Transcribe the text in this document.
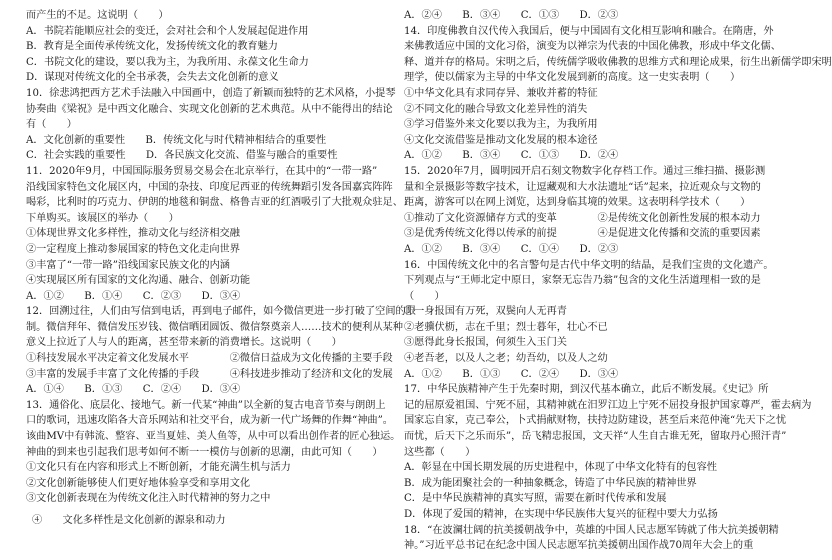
而产生的不足。这说明（　　）
A．书院若能顺应社会的变迁，会对社会和个人发展起促进作用
B．教育是全面传承传统文化，发扬传统文化的教育魅力
C．书院文化的建设，要以我为主，为我所用、永葆文化生命力
D．谋现对传统文化的全书承袭，会失去文化创新的意义
10．徐悲鸿把西方艺术手法融入中国画中，创造了新颖而独特的艺术风格，小提琴
协奏曲《梁祝》是中西文化融合、实现文化创新的艺术典范。从中不能得出的结论
有（　　）
A．文化创新的重要性　　B．传统文化与时代精神相结合的重要性
C．社会实践的重要性　　D．各民族文化交流、借鉴与融合的重要性
11．2020年9月，中国国际服务贸易交易会在北京举行，在其中的“一带一路”
沿线国家特色文化展区内，中国的杂技、印度尼西亚的传统舞蹈引发各国嘉宾阵阵
喝彩，比利时的巧克力、伊朗的地毯和铜盘、格鲁吉亚的红酒吸引了大批观众驻足、
下单购买。该展区的举办（　　）
①体现世界文化多样性，推动文化与经济相交融
②一定程度上推动参展国家的特色文化走向世界
③丰富了“一带一路”沿线国家民族文化的内涵
④实现展区所有国家的文化沟通、融合、创新功能
A．①②　　B．①④　　C．②③　　D．③④
12．回溯过往，人们由写信到电话，再到电子邮件，如今微信更进一步打破了空间的限
制。微信拜年、微信发压岁钱、微信晒团圆饭、微信祭奠亲人……技术的便利从某种
意义上拉近了人与人的距离，甚至带来新的消费增长。这说明（　　）
①科技发展水平决定着文化发展水平　　　　②微信日益成为文化传播的主要手段
③丰富的发展手丰富了文化传播的手段　　　④科技进步推动了经济和文化的发展
A．①④　　B．①③　　C．②④　　D．③④
13．通俗化、底层化、接地气。新一代某“神曲”以全新的复古电音节奏与朗朗上
口的歌词，迅速攻陷各大音乐网站和社交平台，成为新一代广场舞的作舞“神曲”。
该曲MV中有韩流、整容、亚当夏娃、美人鱼等，从中可以看出创作者的匠心独运。
神曲的到来也引起我们思考如何不断一一模仿与创新的思潮，由此可知（　　）
①文化只有在内容和形式上不断创新，才能充满生机与活力
②文化创新能够使人们更好地体验享受和享用文化
③文化创新表现在为传统文化注入时代精神的努力之中
④　　文化多样性是文化创新的源泉和动力
A．②④　　B．③④　　C．①③　　D．②③
14．印度佛教自汉代传入我国后，便与中国固有文化相互影响和融合。在隋唐，外
来佛教适应中国的文化习俗，演变为以禅宗为代表的中国化佛教，形成中华文化儒、
释、道并存的格局。宋明之后，传统儒学吸收佛教的思维方式和理论成果，衍生出新儒学即宋明
理学，使以儒家为主导的中华文化发展到新的高度。这一史实表明（　　）
①中华文化具有求同存异、兼收并蓄的特征
②不同文化的融合导致文化差异性的消失
③学习借鉴外来文化要以我为主，为我所用
④文化交流借鉴是推动文化发展的根本途径
A．①②　　B．③④　　C．①③　　D．②④
15．2020年7月，圆明园开启石刻文物数字化存档工作。通过三维扫描、摄影测
量和全景摄影等数字技术，让逗藏观和大水法遗址“话”起来，拉近观众与文物的
距离，游客可以在网上浏览，达到身临其境的效果。这表明科学技术（　　）
①推动了文化资源储存方式的变革　　　　②是传统文化创新性发展的根本动力
③是优秀传统文化得以传承的前提　　　　④是促进文化传播和交流的重要因素
A．①②　　B．③④　　C．①④　　D．②③
16．中国传统文化中的名言警句是古代中华文明的结晶，是我们宝贵的文化遗产。
下列观点与“王师北定中原日，家祭无忘告乃翁”包含的文化生活道理相一致的是
（　　）
①一身报国有万死，双鬓向人无再青
②老骥伏枥，志在千里；烈士暮年，壮心不已
③愿得此身长报国，何须生入玉门关
④老吾老，以及人之老；幼吾幼，以及人之幼
A．①②　　B．①③　　C．②④　　D．③④
17．中华民族精神产生于先秦时期，到汉代基本确立，此后不断发展。《史记》所
记的屈原爱祖国、宁死不屈，其精神就在汨罗江边上宁死不屈投身报护国家尊严，霍去病为
国家忘自家，克己奉公，卜式捐献财物，扶持边防建设，甚至后来范仲淹“先天下之忧
而忧，后天下之乐而乐”，岳飞精忠报国，文天祥“人生自古谁无死，留取丹心照汗青”
这些都（　　）
A．彰显在中国长期发展的历史进程中，体现了中华文化特有的包容性
B．成为能团聚社会的一种抽象概念，铸造了中华民族的精神世界
C．是中华民族精神的真实写照，需要在新时代传承和发展
D．体现了爱国的精神，在实现中华民族伟大复兴的征程中要大力弘扬
18．“在波澜壮阔的抗美援朝战争中，英雄的中国人民志愿军铸就了伟大抗美援朝精
神。”习近平总书记在纪念中国人民志愿军抗美援朝出国作战70周年大会上的重
